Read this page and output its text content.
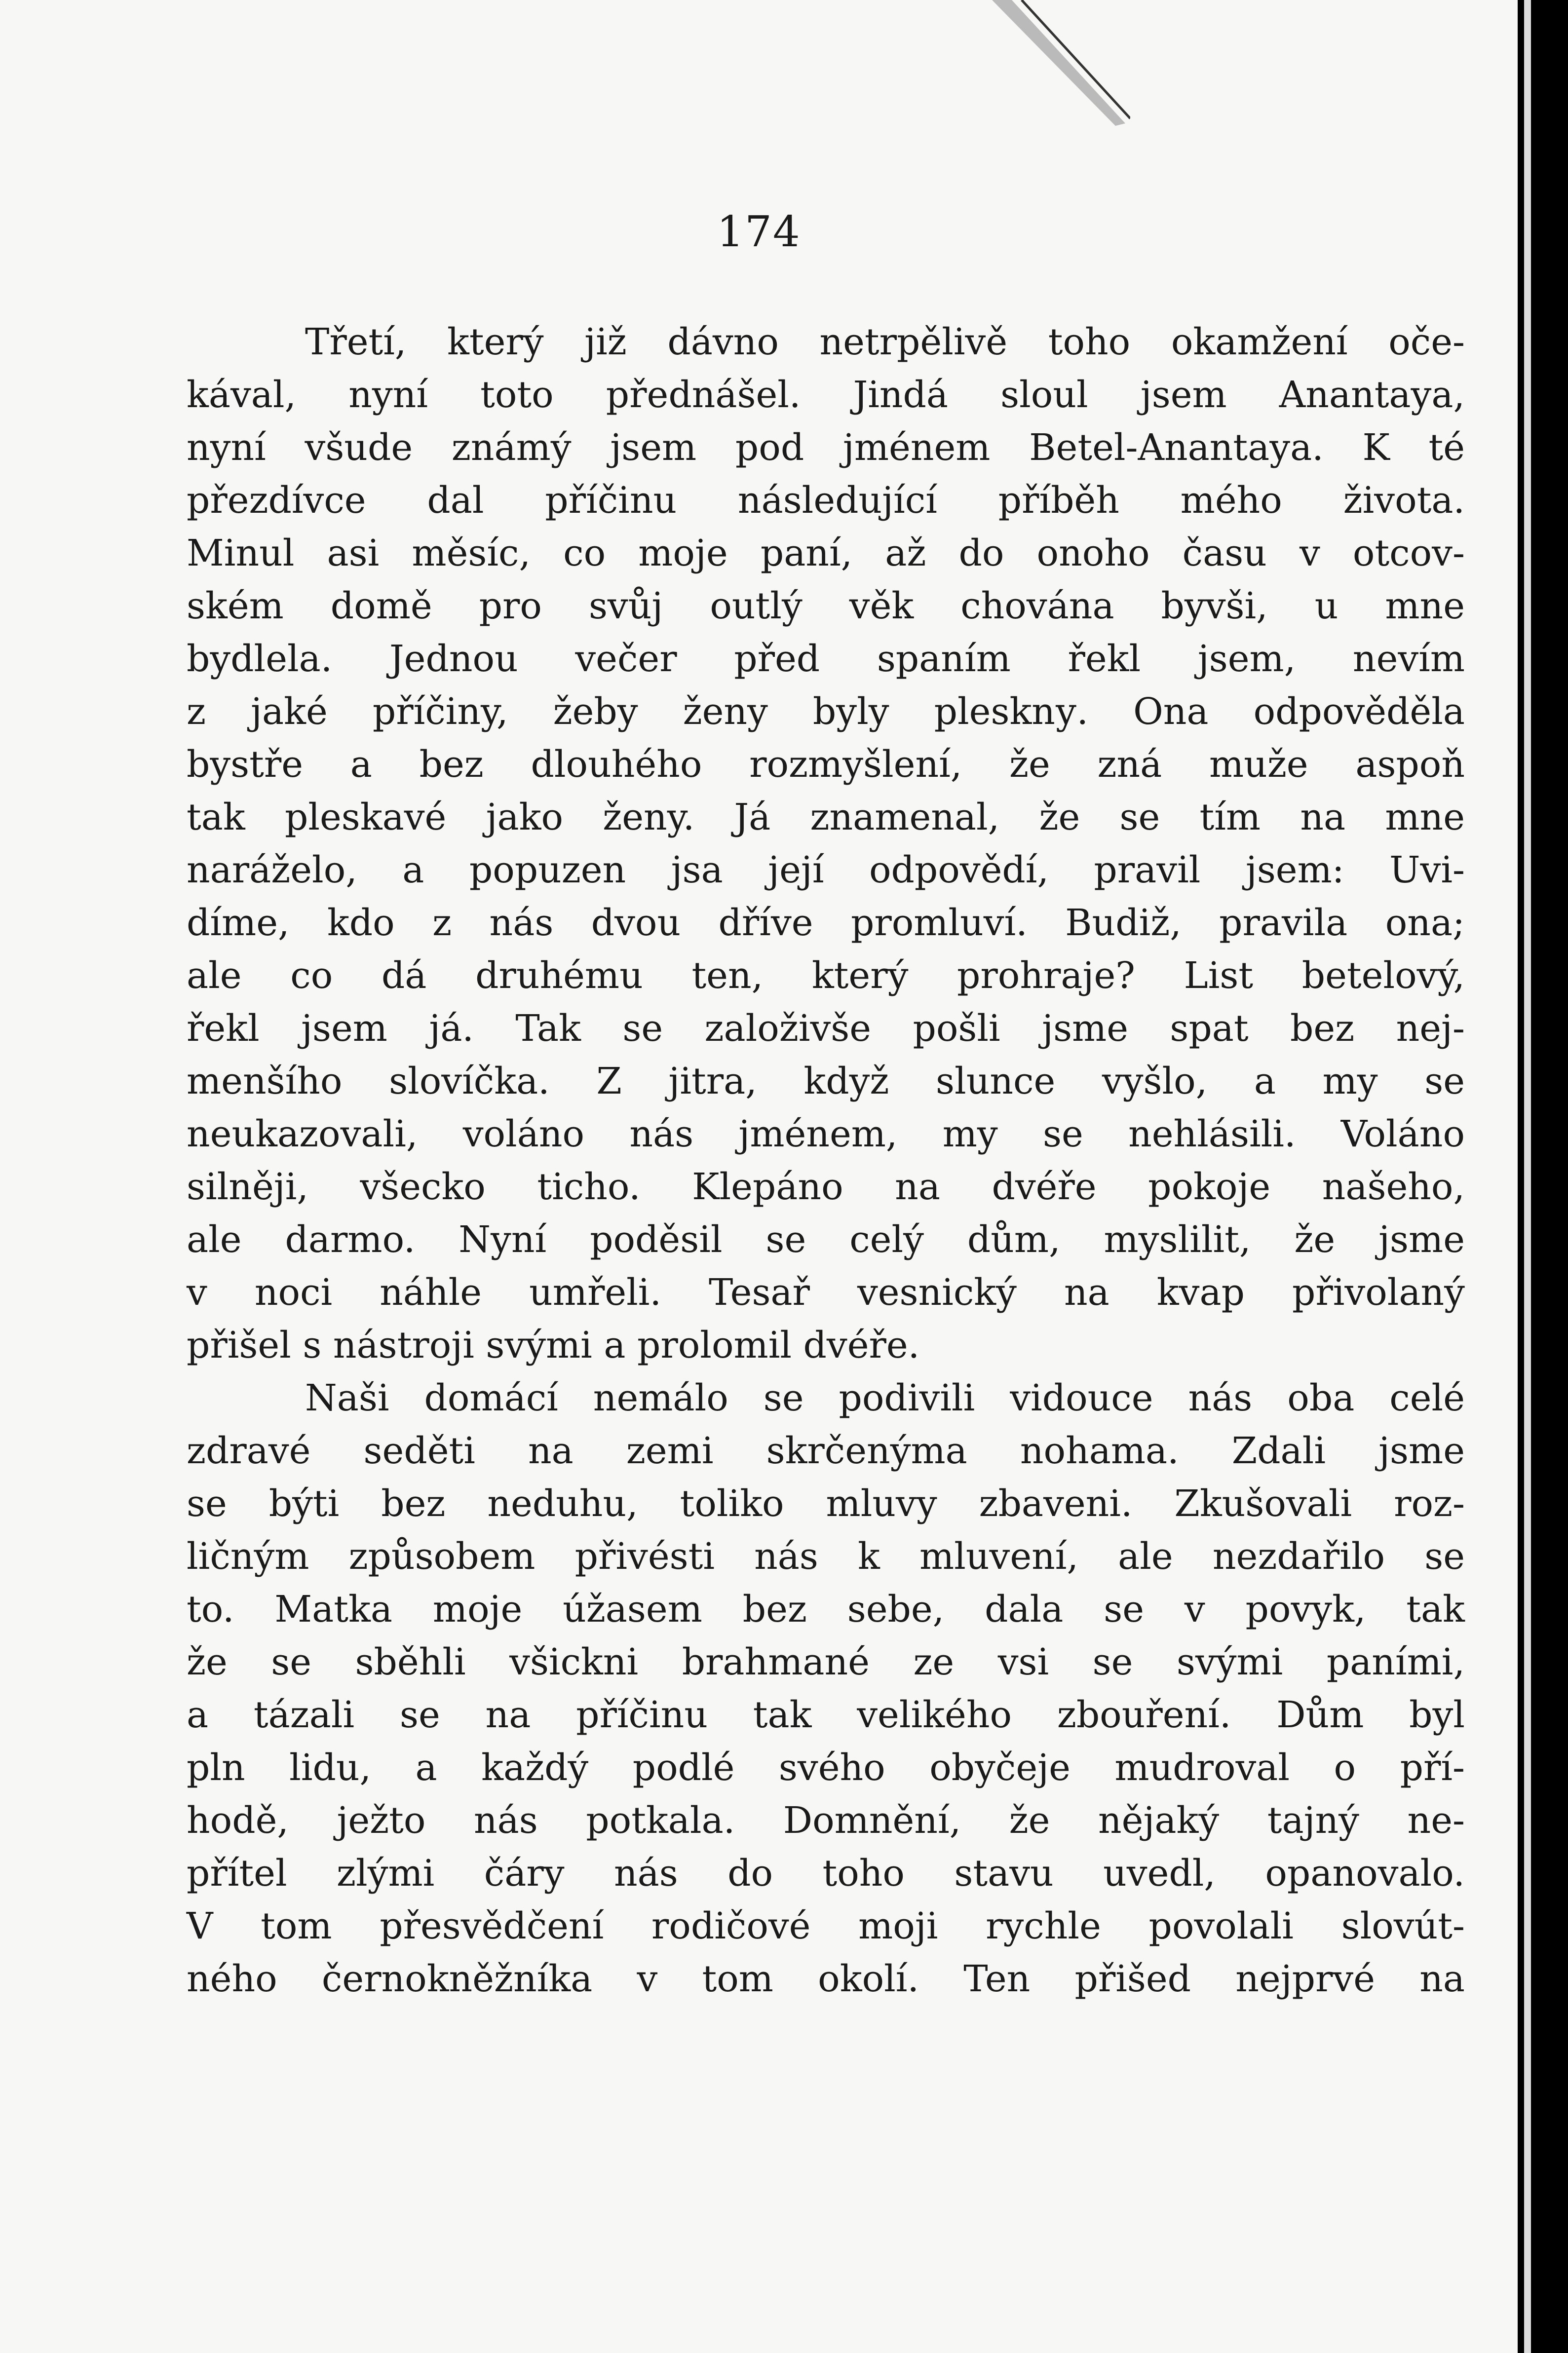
174
Třetí, který již dávno netrpělivě toho okamžení oče-
kával, nyní toto přednášel. Jindá sloul jsem Anantaya,
nyní všude známý jsem pod jménem Betel-Anantaya. K té
přezdívce dal příčinu následující příběh mého života.
Minul asi měsíc, co moje paní, až do onoho času v otcov-
ském domě pro svůj outlý věk chována byvši, u mne
bydlela. Jednou večer před spaním řekl jsem, nevím
z jaké příčiny, žeby ženy byly plesknу. Ona odpověděla
bystře a bez dlouhého rozmyšlení, že zná muže aspoň
tak pleskavé jako ženy. Já znamenal, že se tím na mne
naráželo, a popuzen jsa její odpovědí, pravil jsem: Uvi-
díme, kdo z nás dvou dříve promluví. Budiž, pravila ona;
ale co dá druhému ten, který prohraje? List betelový,
řekl jsem já. Tak se založivše pošli jsme spat bez nej-
menšího slovíčka. Z jitra, když slunce vyšlo, a my se
neukazovali, voláno nás jménem, my se nehlásili. Voláno
silněji, všecko ticho. Klepáno na dvéře pokoje našeho,
ale darmo. Nyní poděsil se celý dům, myslilit, že jsme
v noci náhle umřeli. Tesař vesnický na kvap přivolaný
přišel s nástroji svými a prolomil dvéře.
Naši domácí nemálo se podivili vidouce nás oba celé
zdravé seděti na zemi skrčenýma nohama. Zdali jsme
se býti bez neduhu, toliko mluvy zbaveni. Zkušovali roz-
ličným způsobem přivésti nás k mluvení, ale nezdařilo se
to. Matka moje úžasem bez sebe, dala se v povyk, tak
že se sběhli všickni brahmané ze vsi se svými paními,
a tázali se na příčinu tak velikého zbouření. Dům byl
pln lidu, a každý podlé svého obyčeje mudroval o pří-
hodě, ježto nás potkala. Domnění, že nějaký tajný ne-
přítel zlými čáry nás do toho stavu uvedl, opanovalo.
V tom přesvědčení rodičové moji rychle povolali slovút-
ného černokněžníka v tom okolí. Ten přišed nejprvé na
